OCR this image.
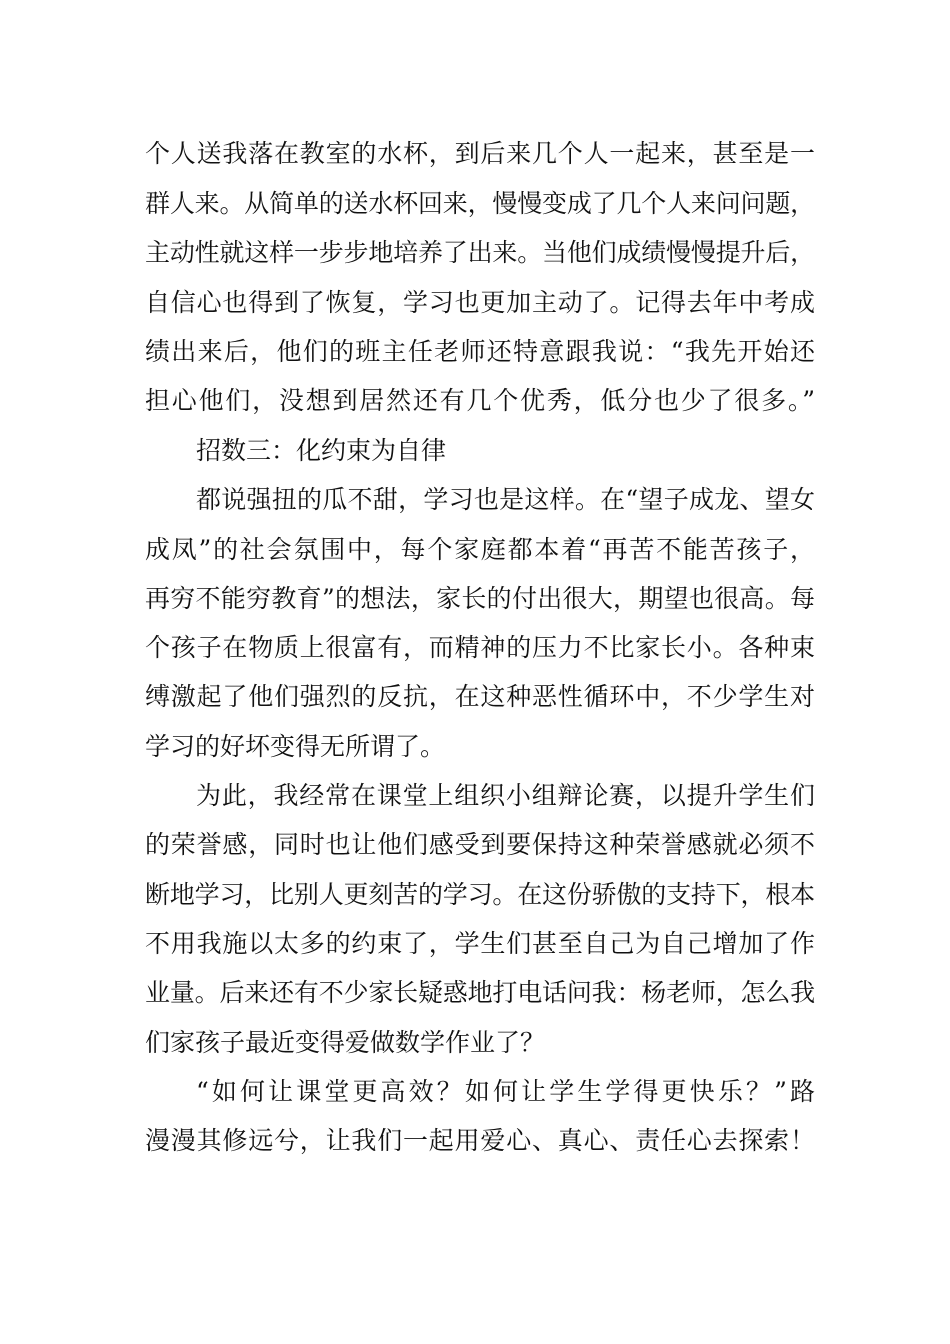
个人送我落在教室的水杯，到后来几个人一起来，甚至是一
群人来。从简单的送水杯回来，慢慢变成了几个人来问问题，
主动性就这样一步步地培养了出来。当他们成绩慢慢提升后，
自信心也得到了恢复，学习也更加主动了。记得去年中考成
绩出来后，他们的班主任老师还特意跟我说：“我先开始还
担心他们，没想到居然还有几个优秀，低分也少了很多。”
招数三：化约束为自律
都说强扭的瓜不甜，学习也是这样。在“望子成龙、望女
成凤”的社会氛围中，每个家庭都本着“再苦不能苦孩子，
再穷不能穷教育”的想法，家长的付出很大，期望也很高。每
个孩子在物质上很富有，而精神的压力不比家长小。各种束
缚激起了他们强烈的反抗，在这种恶性循环中，不少学生对
学习的好坏变得无所谓了。
为此，我经常在课堂上组织小组辩论赛，以提升学生们
的荣誉感，同时也让他们感受到要保持这种荣誉感就必须不
断地学习，比别人更刻苦的学习。在这份骄傲的支持下，根本
不用我施以太多的约束了，学生们甚至自己为自己增加了作
业量。后来还有不少家长疑惑地打电话问我：杨老师，怎么我
们家孩子最近变得爱做数学作业了？
“如何让课堂更高效？如何让学生学得更快乐？”路
漫漫其修远兮，让我们一起用爱心、真心、责任心去探索！
